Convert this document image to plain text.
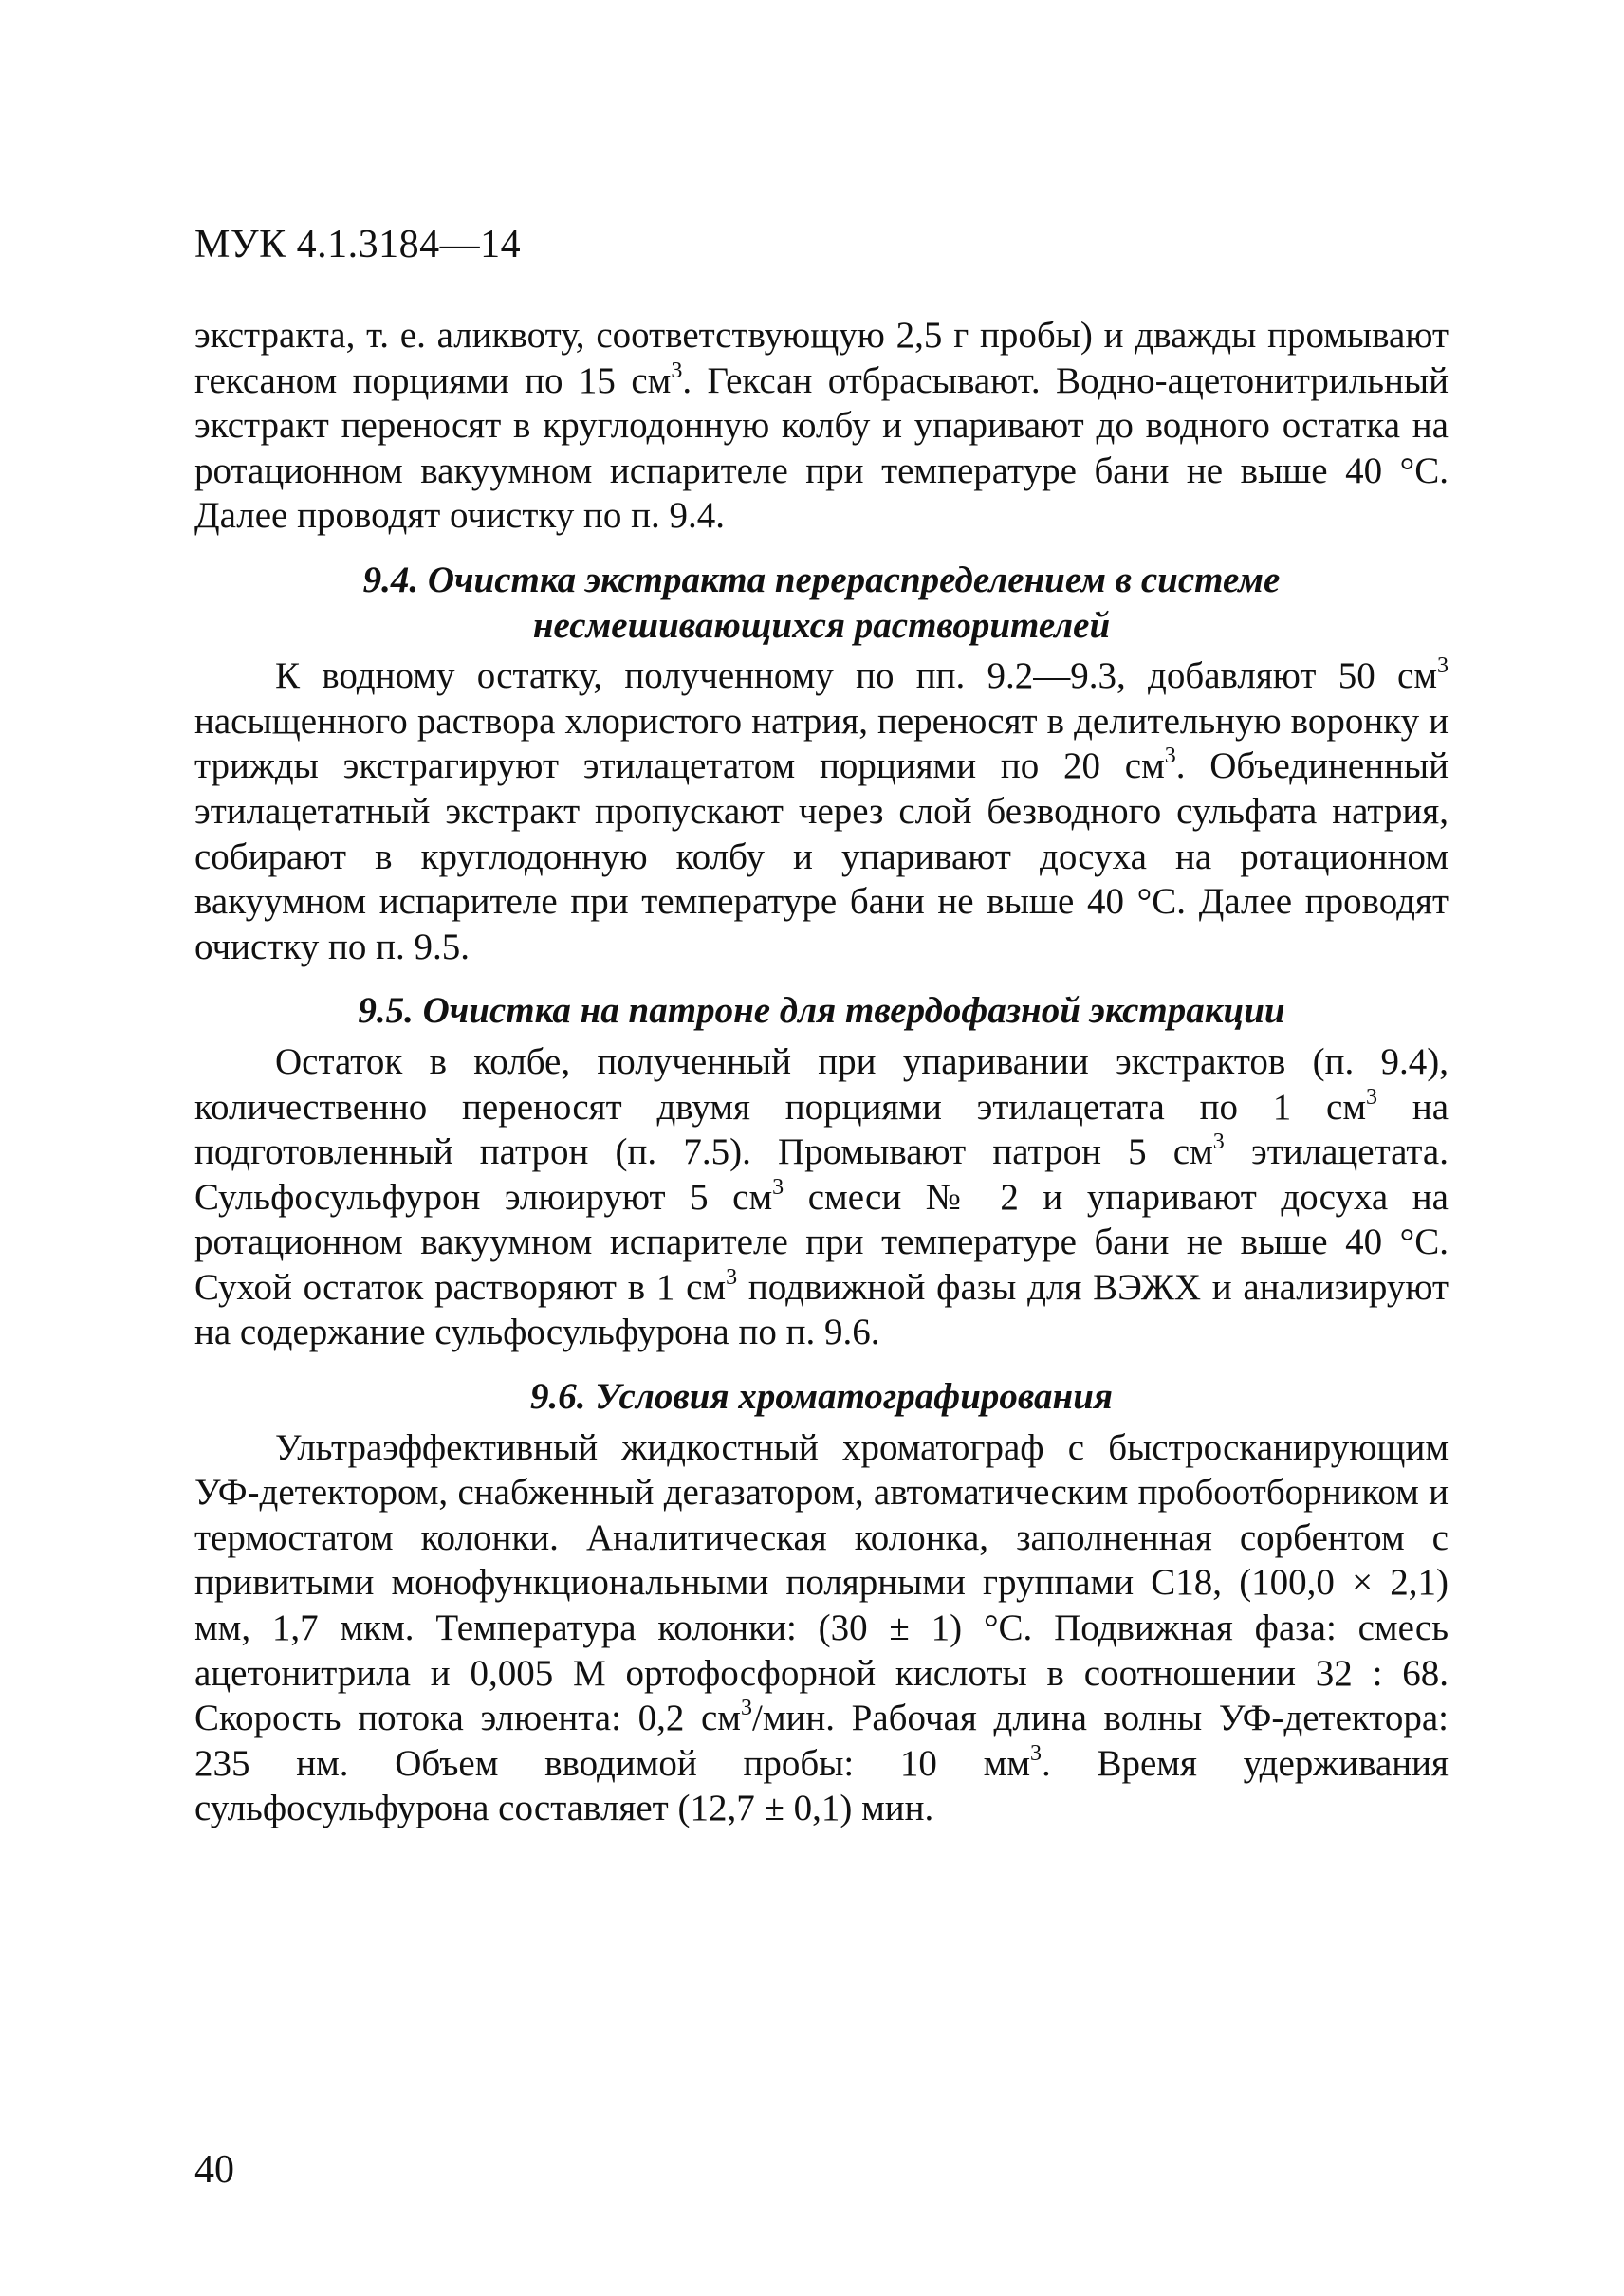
МУК 4.1.3184—14

экстракта, т. е. аликвоту, соответствующую 2,5 г пробы) и дважды промывают гексаном порциями по 15 $см^3$. Гексан отбрасывают. Водно-ацетонитрильный экстракт переносят в круглодонную колбу и упаривают до водного остатка на ротационном вакуумном испарителе при температуре бани не выше 40 °С. Далее проводят очистку по п. 9.4.

9.4. Очистка экстракта перераспределением в системе
несмешивающихся растворителей

К водному остатку, полученному по пп. 9.2—9.3, добавляют 50 $см^3$ насыщенного раствора хлористого натрия, переносят в делительную воронку и трижды экстрагируют этилацетатом порциями по 20 $см^3$. Объединенный этилацетатный экстракт пропускают через слой безводного сульфата натрия, собирают в круглодонную колбу и упаривают досуха на ротационном вакуумном испарителе при температуре бани не выше 40 °С. Далее проводят очистку по п. 9.5.

9.5. Очистка на патроне для твердофазной экстракции

Остаток в колбе, полученный при упаривании экстрактов (п. 9.4), количественно переносят двумя порциями этилацетата по 1 $см^3$ на подготовленный патрон (п. 7.5). Промывают патрон 5 $см^3$ этилацетата. Сульфосульфурон элюируют 5 $см^3$ смеси № 2 и упаривают досуха на ротационном вакуумном испарителе при температуре бани не выше 40 °С. Сухой остаток растворяют в 1 $см^3$ подвижной фазы для ВЭЖХ и анализируют на содержание сульфосульфурона по п. 9.6.

9.6. Условия хроматографирования

Ультраэффективный жидкостный хроматограф с быстросканирующим УФ-детектором, снабженный дегазатором, автоматическим пробоотборником и термостатом колонки. Аналитическая колонка, заполненная сорбентом с привитыми монофункциональными полярными группами С18, (100,0 × 2,1) мм, 1,7 мкм. Температура колонки: (30 ± 1) °С. Подвижная фаза: смесь ацетонитрила и 0,005 М ортофосфорной кислоты в соотношении 32 : 68. Скорость потока элюента: 0,2 $см^3$/мин. Рабочая длина волны УФ-детектора: 235 нм. Объем вводимой пробы: 10 $мм^3$. Время удерживания сульфосульфурона составляет (12,7 ± 0,1) мин.

40
